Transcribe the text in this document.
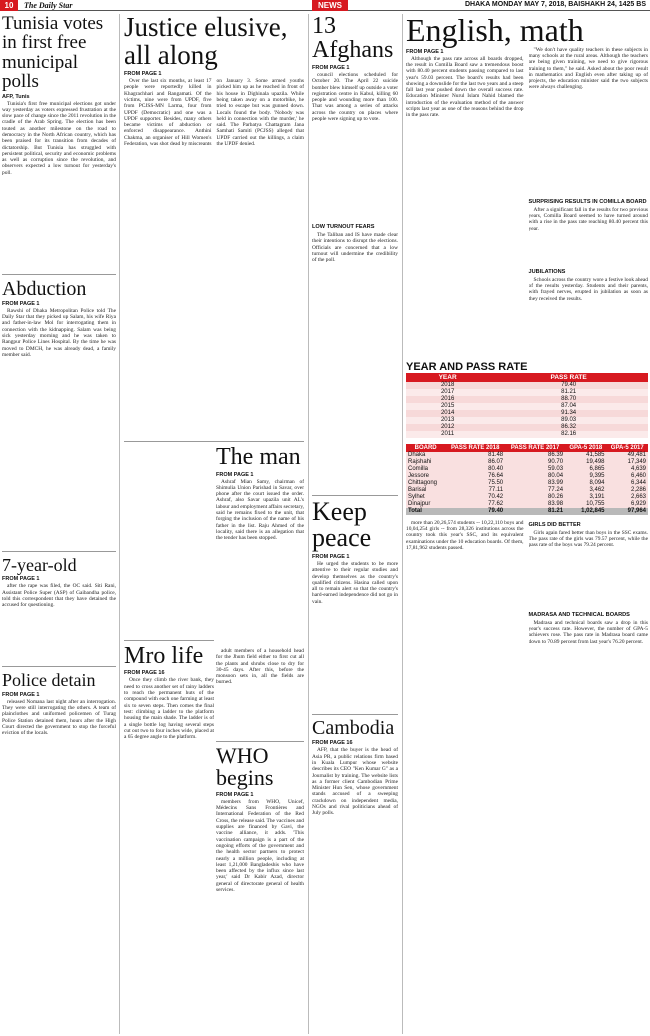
10	The Daily Star	NEWS	DHAKA MONDAY MAY 7, 2018, BAISHAKH 24, 1425 BS
Tunisia votes in first free municipal polls
AFP, Tunis

Tunisia's first free municipal elections got under way yesterday as voters expressed frustration at the slow pace of change since the 2011 revolution in the cradle of the Arab Spring. The election has been touted as another milestone on the road to democracy in the North African country, which has been praised for its transition from decades of dictatorship. But Tunisia has struggled with persistent political, security and economic problems as well as corruption since the revolution, and observers expected a low turnout for yesterday's poll.

Abduction
FROM PAGE 1

Rawshi of Dhaka Metropolitan Police told The Daily Star that they picked up Salam, his wife Riya and father-in-law Mol for interrogating them in connection with the kidnapping. Salam was being sick yesterday morning and he was taken to Rangpur Police Lines Hospital. By the time he was moved to DMCH, he was already dead, a family member said.

7-year-old
FROM PAGE 1

after the rape was filed, the OC said. Siti Rani, Assistant Police Super (ASP) of Gaibandha police, told this correspondent that they have detained the accused for questioning.

Police detain
FROM PAGE 1

released Nomana last night after an interrogation. They were still interrogating the others. A team of plainclothes and uniformed policemen of Turag Police Station detained them, hours after the High Court directed the government to stop the forceful eviction of the locals.

Justice elusive, all along
FROM PAGE 1

Over the last six months, at least 17 people were reportedly killed in Khagrachhari and Rangamati. Of the victims, nine were from UPDF, five from PCJSS-MN Larma, four from UPDF (Democratic) and one was a UPDF supporter. Besides, many others became victims of abduction or enforced disappearance. Anthini Chakma, an organiser of Hill Women's Federation, was shot dead by miscreants on January 3. Some armed youths picked him up as he reached in front of his house in Dighinala upazila. While being taken away on a motorbike, he tried to escape but was gunned down. Locals found the body. 'Nobody was held in connection with the murder,' he said. The Parbatya Chattagram Jana Samhati Samiti (PCJSS) alleged that UPDF carried out the killings, a claim the UPDF denied.

The man
FROM PAGE 1

Ashraf Mian Samy, chairman of Shimulia Union Parishad in Savar, over phone after the court issued the order. Ashraf, also Savar upazila unit AL's labour and employment affairs secretary, said he remains fixed to the unit, that forging the inclusion of the name of his father in the list. Raju Ahmed of the locality, said there is an allegation that the tender has been stopped.

Mro life
FROM PAGE 16

Once they climb the river bank, they need to cross another set of rainy ladders to reach the permanent huts of the compound with each one farming at least six to seven steps. Then comes the final test: climbing a ladder to the platform housing the main shade. The ladder is of a single bottle log having several steps cut out two to four inches wide, placed at a 65 degree angle to the platform.

adult members of a household head for the Jhum field either to first cut all the plants and shrubs close to dry for 30-45 days. After this, before the monsoon sets in, all the fields are burned.

WHO begins
FROM PAGE 1

members from WHO, Unicef, Médecins Sans Frontières and International Federation of the Red Cross, the release said. The vaccines and supplies are financed by Gavi, the vaccine alliance, it adds. 'This vaccination campaign is a part of the ongoing efforts of the government and the health sector partners to protect nearly a million people, including at least 1,21,000 Bangladeshis who have been affected by the influx since last year,' said Dr Kabir Azad, director general of directorate general of health services.

13 Afghans
FROM PAGE 1

council elections scheduled for October 20. The April 22 suicide bomber blew himself up outside a voter registration centre in Kabul, killing 60 people and wounding more than 100. That was among a series of attacks across the country on places where people were signing up to vote.

LOW TURNOUT FEARS

The Taliban and IS have made clear their intentions to disrupt the elections. Officials are concerned that a low turnout will undermine the credibility of the poll.

Keep peace
FROM PAGE 1

He urged the students to be more attentive to their regular studies and develop themselves as the country's qualified citizens. Hasina called upon all to remain alert so that the country's hard-earned independence did not go in vain.

Cambodia
FROM PAGE 16

AFP, that the buyer is the head of Asia PR, a public relations firm based in Kuala Lumpur whose website describes its CEO "Ken Kumar G" as a Journalist by training. The website lists as a former client Cambodian Prime Minister Hun Sen, whose government stands accused of a sweeping crackdown on independent media, NGOs and rival politicians ahead of July polls.

English, math
FROM PAGE 1

Although the pass rate across all boards dropped, the result in Comilla Board saw a tremendous boost with 80.40 percent students passing compared to last year's 59.03 percent. The board's results had been showing a downslide for the last two years and a steep fall last year pushed down the overall success rate. Education Minister Nurul Islam Nahid blamed the introduction of the evaluation method of the answer scripts last year as one of the reasons behind the drop in the pass rate.

"We don't have quality teachers in these subjects in many schools at the rural areas. Although the teachers are being given training, we need to give rigorous training to them," he said. Asked about the poor result in mathematics and English even after taking up of projects, the education minister said the two subjects were always challenging.

SURPRISING RESULTS IN COMILLA BOARD

After a significant fall in the results for two previous years, Comilla Board seemed to have turned around with a rise in the pass rate reaching 80.40 percent this year.

JUBILATIONS

Schools across the country wore a festive look ahead of the results yesterday. Students and their parents, with frayed nerves, erupted in jubilation as soon as they received the results.

YEAR AND PASS RATE
YEAR	PASS RATE
2018	79.40
2017	81.21
2016	88.70
2015	87.04
2014	91.34
2013	89.03
2012	86.32
2011	82.16
BOARD	PASS RATE 2018	PASS RATE 2017	GPA-5 2018	GPA-5 2017
Dhaka	81.48	86.39	41,585	49,481
Rajshahi	86.07	90.70	19,498	17,349
Comilla	80.40	59.03	6,865	4,639
Jessore	76.64	80.04	9,395	6,460
Chittagong	75.50	83.99	8,094	6,344
Barisal	77.11	77.24	3,462	2,286
Sylhet	70.42	80.26	3,191	2,663
Dinajpur	77.62	83.98	10,755	6,929
Total	79.40	81.21	1,02,845	97,964

more than 20,26,574 students -- 10,22,110 boys and 10,04,254 girls -- from 28,326 institutions across the country took this year's SSC, and its equivalent examinations under the 10 education boards. Of them, 17,81,962 students passed.

GIRLS DID BETTER

Girls again fared better than boys in the SSC exams. The pass rate of the girls was 79.57 percent, while the pass rate of the boys was 79.24 percent.

MADRASA AND TECHNICAL BOARDS

Madrasa and technical boards saw a drop in this year's success rate. However, the number of GPA-5 achievers rose. The pass rate in Madrasa board came down to 70.89 percent from last year's 76.20 percent.
